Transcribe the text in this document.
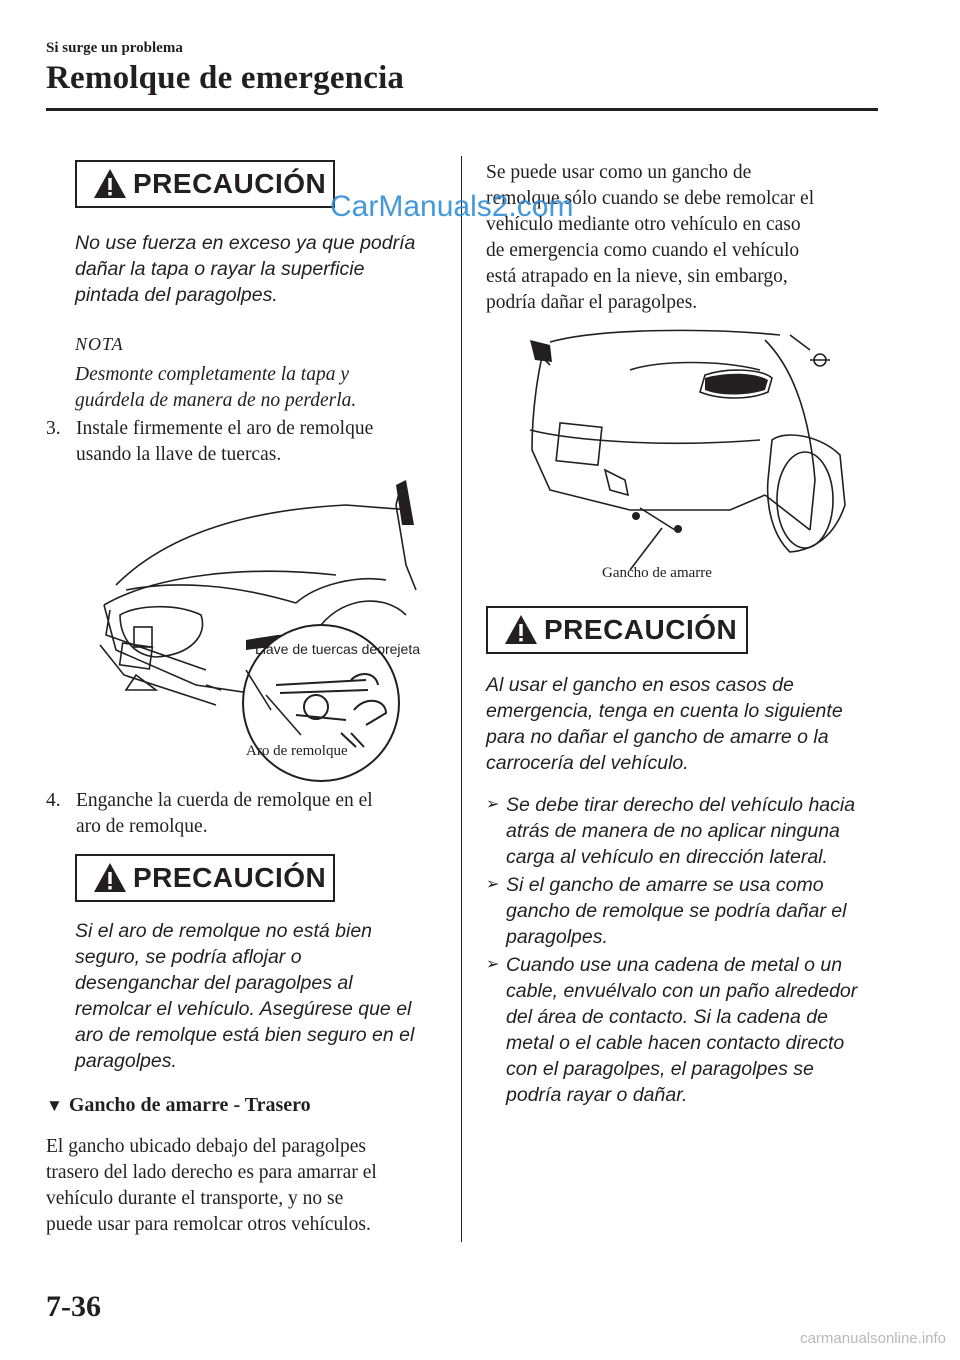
Si surge un problema
Remolque de emergencia
PRECAUCIÓN
No use fuerza en exceso ya que podría
dañar la tapa o rayar la superficie
pintada del paragolpes.
NOTA
Desmonte completamente la tapa y
guárdela de manera de no perderla.
3. Instale firmemente el aro de remolque
usando la llave de tuercas.
Llave de tuercas deorejeta
Aro de remolque
4. Enganche la cuerda de remolque en el
aro de remolque.
PRECAUCIÓN
Si el aro de remolque no está bien
seguro, se podría aflojar o
desenganchar del paragolpes al
remolcar el vehículo. Asegúrese que el
aro de remolque está bien seguro en el
paragolpes.
▼ Gancho de amarre - Trasero
El gancho ubicado debajo del paragolpes
trasero del lado derecho es para amarrar el
vehículo durante el transporte, y no se
puede usar para remolcar otros vehículos.
Se puede usar como un gancho de
remolque sólo cuando se debe remolcar el
vehículo mediante otro vehículo en caso
de emergencia como cuando el vehículo
está atrapado en la nieve, sin embargo,
podría dañar el paragolpes.
CarManuals2.com
Gancho de amarre
PRECAUCIÓN
Al usar el gancho en esos casos de
emergencia, tenga en cuenta lo siguiente
para no dañar el gancho de amarre o la
carrocería del vehículo.
➢ Se debe tirar derecho del vehículo hacia
atrás de manera de no aplicar ninguna
carga al vehículo en dirección lateral.
➢ Si el gancho de amarre se usa como
gancho de remolque se podría dañar el
paragolpes.
➢ Cuando use una cadena de metal o un
cable, envuélvalo con un paño alrededor
del área de contacto. Si la cadena de
metal o el cable hacen contacto directo
con el paragolpes, el paragolpes se
podría rayar o dañar.
7-36
carmanualsonline.info
